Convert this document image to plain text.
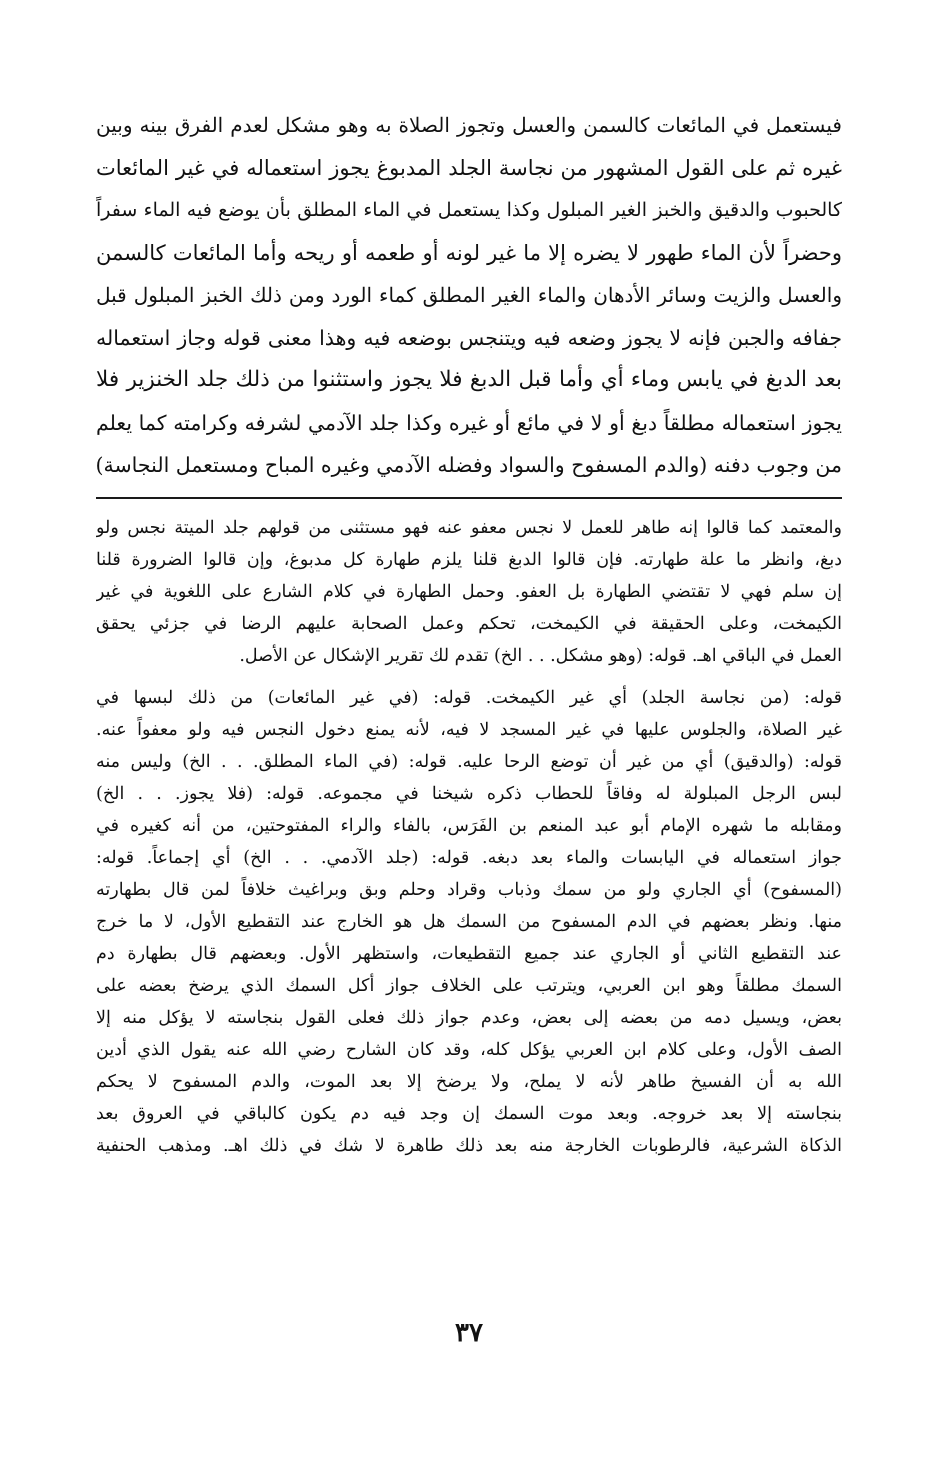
فيستعمل في المائعات كالسمن والعسل وتجوز الصلاة به وهو مشكل لعدم الفرق بينه وبين
غيره ثم على القول المشهور من نجاسة الجلد المدبوغ يجوز استعماله في غير المائعات
كالحبوب والدقيق والخبز الغير المبلول وكذا يستعمل في الماء المطلق بأن يوضع فيه الماء سفراً
وحضراً لأن الماء طهور لا يضره إلا ما غير لونه أو طعمه أو ريحه وأما المائعات كالسمن
والعسل والزيت وسائر الأدهان والماء الغير المطلق كماء الورد ومن ذلك الخبز المبلول قبل
جفافه والجبن فإنه لا يجوز وضعه فيه ويتنجس بوضعه فيه وهذا معنى قوله وجاز استعماله
بعد الدبغ في يابس وماء أي وأما قبل الدبغ فلا يجوز واستثنوا من ذلك جلد الخنزير فلا
يجوز استعماله مطلقاً دبغ أو لا في مائع أو غيره وكذا جلد الآدمي لشرفه وكرامته كما يعلم
من وجوب دفنه (والدم المسفوح والسواد وفضله الآدمي وغيره المباح ومستعمل النجاسة)
والمعتمد كما قالوا إنه طاهر للعمل لا نجس معفو عنه فهو مستثنى من قولهم جلد الميتة نجس ولو
دبغ، وانظر ما علة طهارته. فإن قالوا الدبغ قلنا يلزم طهارة كل مدبوغ، وإن قالوا الضرورة قلنا
إن سلم فهي لا تقتضي الطهارة بل العفو. وحمل الطهارة في كلام الشارع على اللغوية في غير
الكيمخت، وعلى الحقيقة في الكيمخت، تحكم وعمل الصحابة عليهم الرضا في جزئي يحقق
العمل في الباقي اهـ. قوله: (وهو مشكل. . . الخ) تقدم لك تقرير الإشكال عن الأصل.
قوله: (من نجاسة الجلد) أي غير الكيمخت. قوله: (في غير المائعات) من ذلك لبسها في
غير الصلاة، والجلوس عليها في غير المسجد لا فيه، لأنه يمنع دخول النجس فيه ولو معفواً عنه.
قوله: (والدقيق) أي من غير أن توضع الرحا عليه. قوله: (في الماء المطلق. . . الخ) وليس منه
لبس الرجل المبلولة له وفاقاً للحطاب ذكره شيخنا في مجموعه. قوله: (فلا يجوز. . . الخ)
ومقابله ما شهره الإمام أبو عبد المنعم بن الفَرَس، بالفاء والراء المفتوحتين، من أنه كغيره في
جواز استعماله في اليابسات والماء بعد دبغه. قوله: (جلد الآدمي. . . الخ) أي إجماعاً. قوله:
(المسفوح) أي الجاري ولو من سمك وذباب وقراد وحلم وبق وبراغيث خلافاً لمن قال بطهارته
منها. ونظر بعضهم في الدم المسفوح من السمك هل هو الخارج عند التقطيع الأول، لا ما خرج
عند التقطيع الثاني أو الجاري عند جميع التقطيعات، واستظهر الأول. وبعضهم قال بطهارة دم
السمك مطلقاً وهو ابن العربي، ويترتب على الخلاف جواز أكل السمك الذي يرضخ بعضه على
بعض، ويسيل دمه من بعضه إلى بعض، وعدم جواز ذلك فعلى القول بنجاسته لا يؤكل منه إلا
الصف الأول، وعلى كلام ابن العربي يؤكل كله، وقد كان الشارح رضي الله عنه يقول الذي أدين
الله به أن الفسيخ طاهر لأنه لا يملح، ولا يرضخ إلا بعد الموت، والدم المسفوح لا يحكم
بنجاسته إلا بعد خروجه. وبعد موت السمك إن وجد فيه دم يكون كالباقي في العروق بعد
الذكاة الشرعية، فالرطوبات الخارجة منه بعد ذلك طاهرة لا شك في ذلك اهـ. ومذهب الحنفية
٣٧
